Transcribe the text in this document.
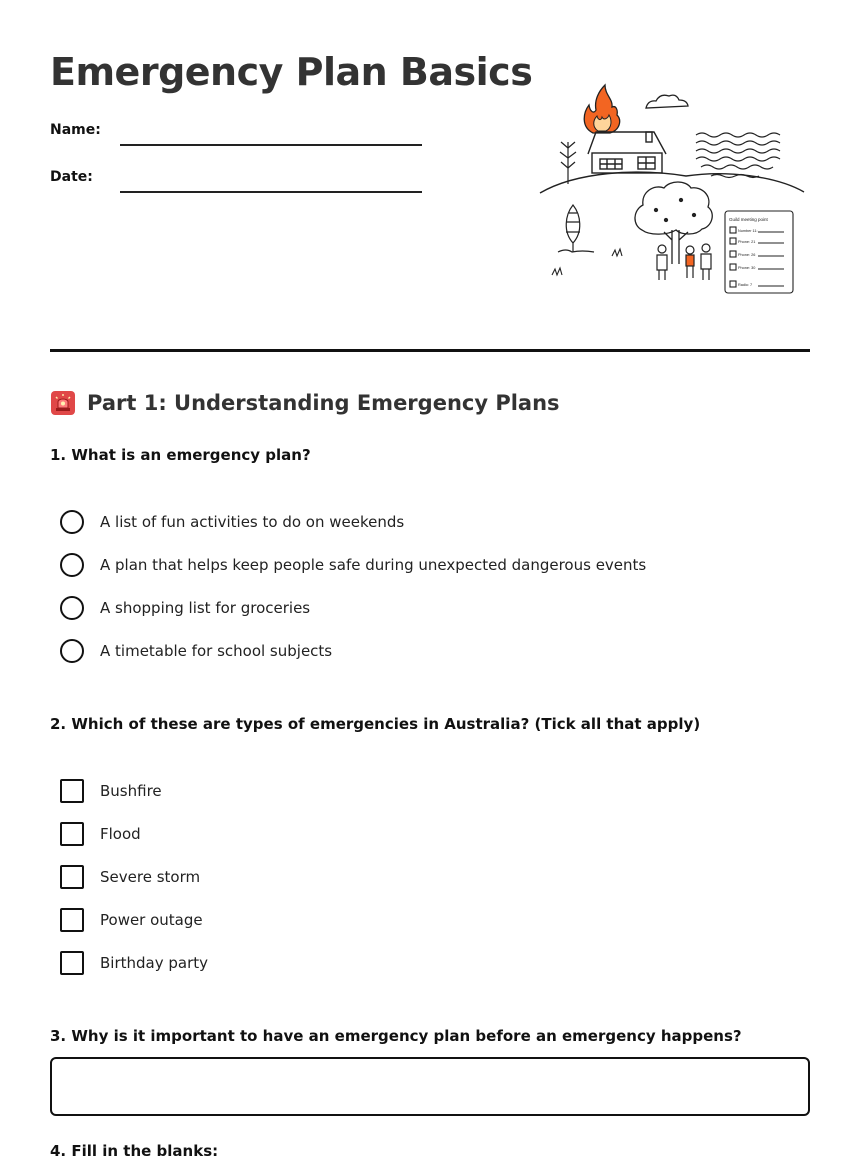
Emergency Plan Basics
Name:
Date:
Guild meeting point
Number 11:
Phone: 21
Phone: 26
Phone: 30
Radio: 7
Part 1: Understanding Emergency Plans

1. What is an emergency plan?

A list of fun activities to do on weekends
A plan that helps keep people safe during unexpected dangerous events
A shopping list for groceries
A timetable for school subjects

2. Which of these are types of emergencies in Australia? (Tick all that apply)

Bushfire
Flood
Severe storm
Power outage
Birthday party

3. Why is it important to have an emergency plan before an emergency happens?

4. Fill in the blanks:
